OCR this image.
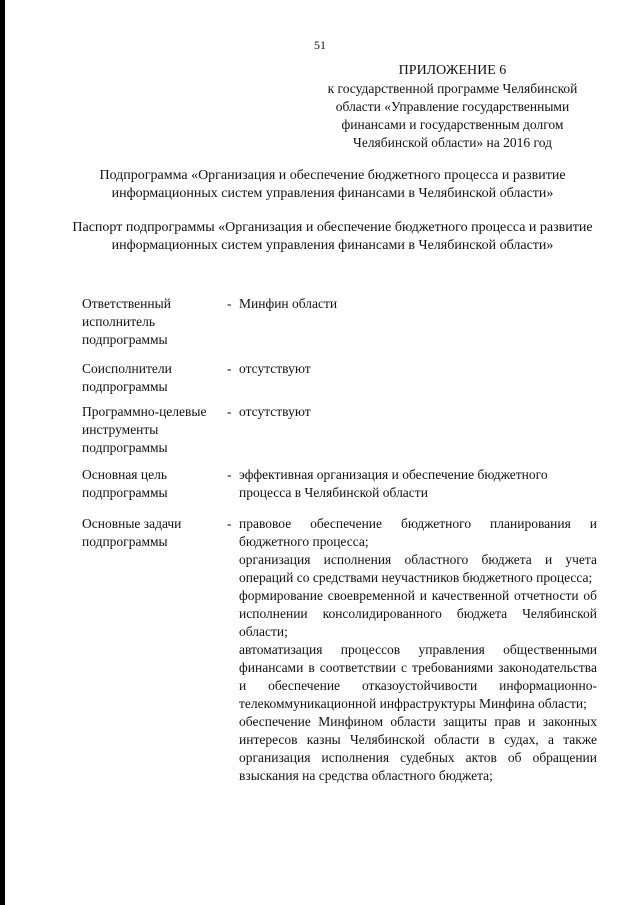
51
ПРИЛОЖЕНИЕ 6
к государственной программе Челябинской
области «Управление государственными
финансами и государственным долгом
Челябинской области» на 2016 год
Подпрограмма «Организация и обеспечение бюджетного процесса и развитие информационных систем управления финансами в Челябинской области»
Паспорт подпрограммы «Организация и обеспечение бюджетного процесса и развитие информационных систем управления финансами в Челябинской области»
Ответственный исполнитель подпрограммы
- Минфин области
Соисполнители подпрограммы
- отсутствуют
Программно-целевые инструменты подпрограммы
- отсутствуют
Основная цель подпрограммы
- эффективная организация и обеспечение бюджетного процесса в Челябинской области
Основные задачи подпрограммы
- правовое обеспечение бюджетного планирования и бюджетного процесса;
организация исполнения областного бюджета и учета операций со средствами неучастников бюджетного процесса;
формирование своевременной и качественной отчетности об исполнении консолидированного бюджета Челябинской области;
автоматизация процессов управления общественными финансами в соответствии с требованиями законодательства и обеспечение отказоустойчивости информационно-телекоммуникационной инфраструктуры Минфина области;
обеспечение Минфином области защиты прав и законных интересов казны Челябинской области в судах, а также организация исполнения судебных актов об обращении взыскания на средства областного бюджета;
